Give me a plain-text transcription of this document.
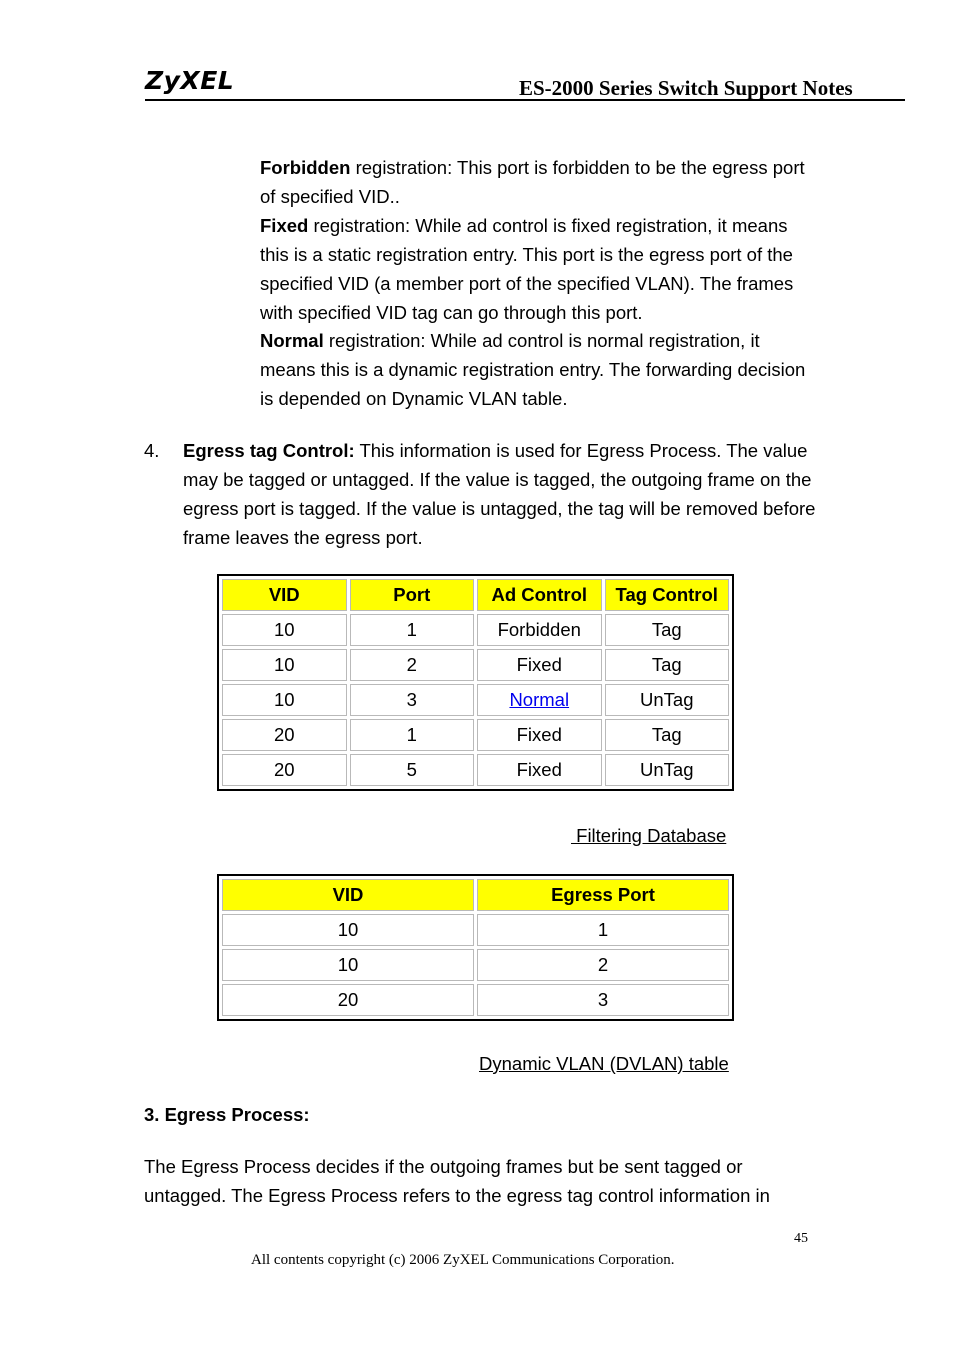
ZyXEL	ES-2000 Series Switch Support Notes

Forbidden registration: This port is forbidden to be the egress port of specified VID..

Fixed registration: While ad control is fixed registration, it means this is a static registration entry. This port is the egress port of the specified VID (a member port of the specified VLAN). The frames with specified VID tag can go through this port.

Normal registration: While ad control is normal registration, it means this is a dynamic registration entry. The forwarding decision is depended on Dynamic VLAN table.

4. Egress tag Control: This information is used for Egress Process. The value may be tagged or untagged. If the value is tagged, the outgoing frame on the egress port is tagged. If the value is untagged, the tag will be removed before frame leaves the egress port.

VID	Port	Ad Control	Tag Control
10	1	Forbidden	Tag
10	2	Fixed	Tag
10	3	Normal	UnTag
20	1	Fixed	Tag
20	5	Fixed	UnTag
Filtering Database
VID	Egress Port
10	1
10	2
20	3
Dynamic VLAN (DVLAN) table
3. Egress Process:

The Egress Process decides if the outgoing frames but be sent tagged or untagged. The Egress Process refers to the egress tag control information in

45
All contents copyright (c) 2006 ZyXEL Communications Corporation.
